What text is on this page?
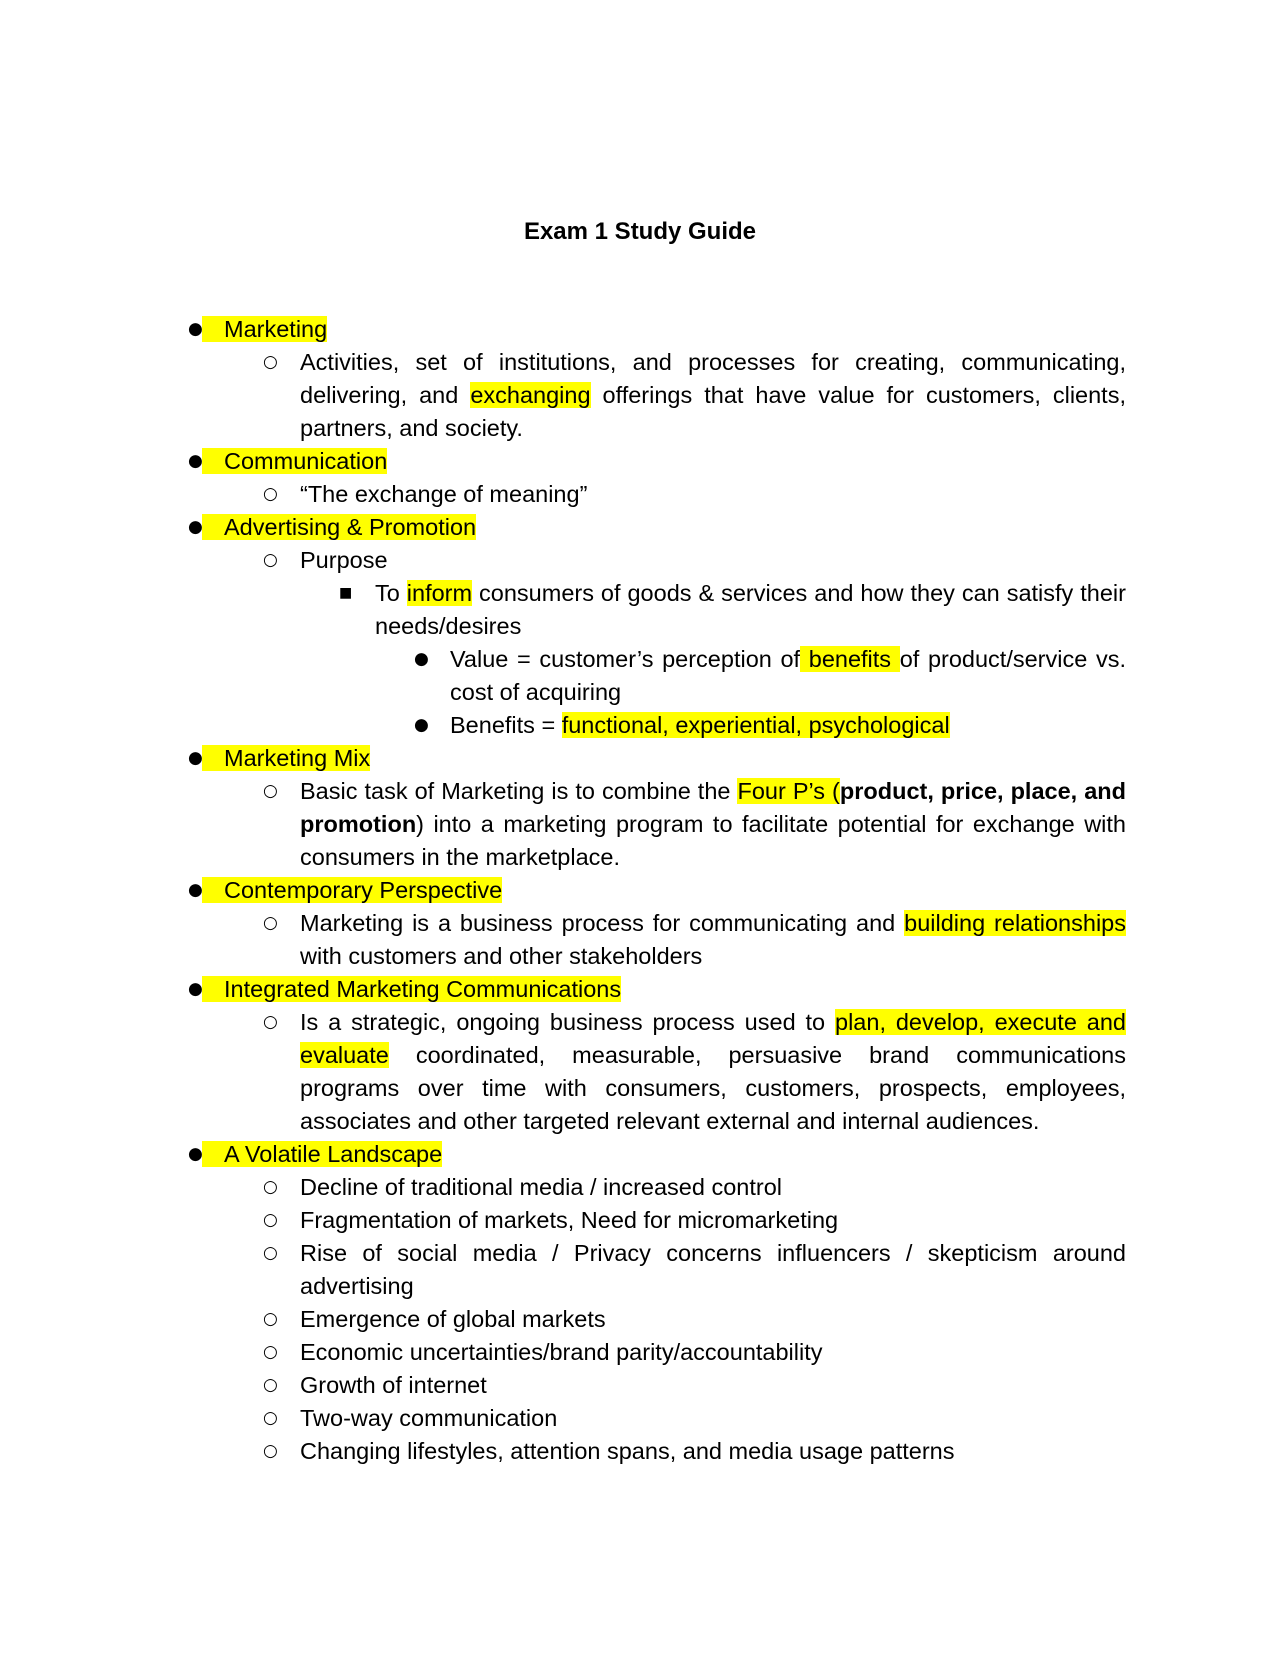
Exam 1 Study Guide
● Marketing
○ Activities, set of institutions, and processes for creating, communicating, delivering, and exchanging offerings that have value for customers, clients, partners, and society.
● Communication
○ “The exchange of meaning”
● Advertising & Promotion
○ Purpose
■ To inform consumers of goods & services and how they can satisfy their needs/desires
● Value = customer’s perception of benefits of product/service vs. cost of acquiring
● Benefits = functional, experiential, psychological
● Marketing Mix
○ Basic task of Marketing is to combine the Four P’s (product, price, place, and promotion) into a marketing program to facilitate potential for exchange with consumers in the marketplace.
● Contemporary Perspective
○ Marketing is a business process for communicating and building relationships with customers and other stakeholders
● Integrated Marketing Communications
○ Is a strategic, ongoing business process used to plan, develop, execute and evaluate coordinated, measurable, persuasive brand communications programs over time with consumers, customers, prospects, employees, associates and other targeted relevant external and internal audiences.
● A Volatile Landscape
○ Decline of traditional media / increased control
○ Fragmentation of markets, Need for micromarketing
○ Rise of social media / Privacy concerns influencers / skepticism around advertising
○ Emergence of global markets
○ Economic uncertainties/brand parity/accountability
○ Growth of internet
○ Two-way communication
○ Changing lifestyles, attention spans, and media usage patterns
